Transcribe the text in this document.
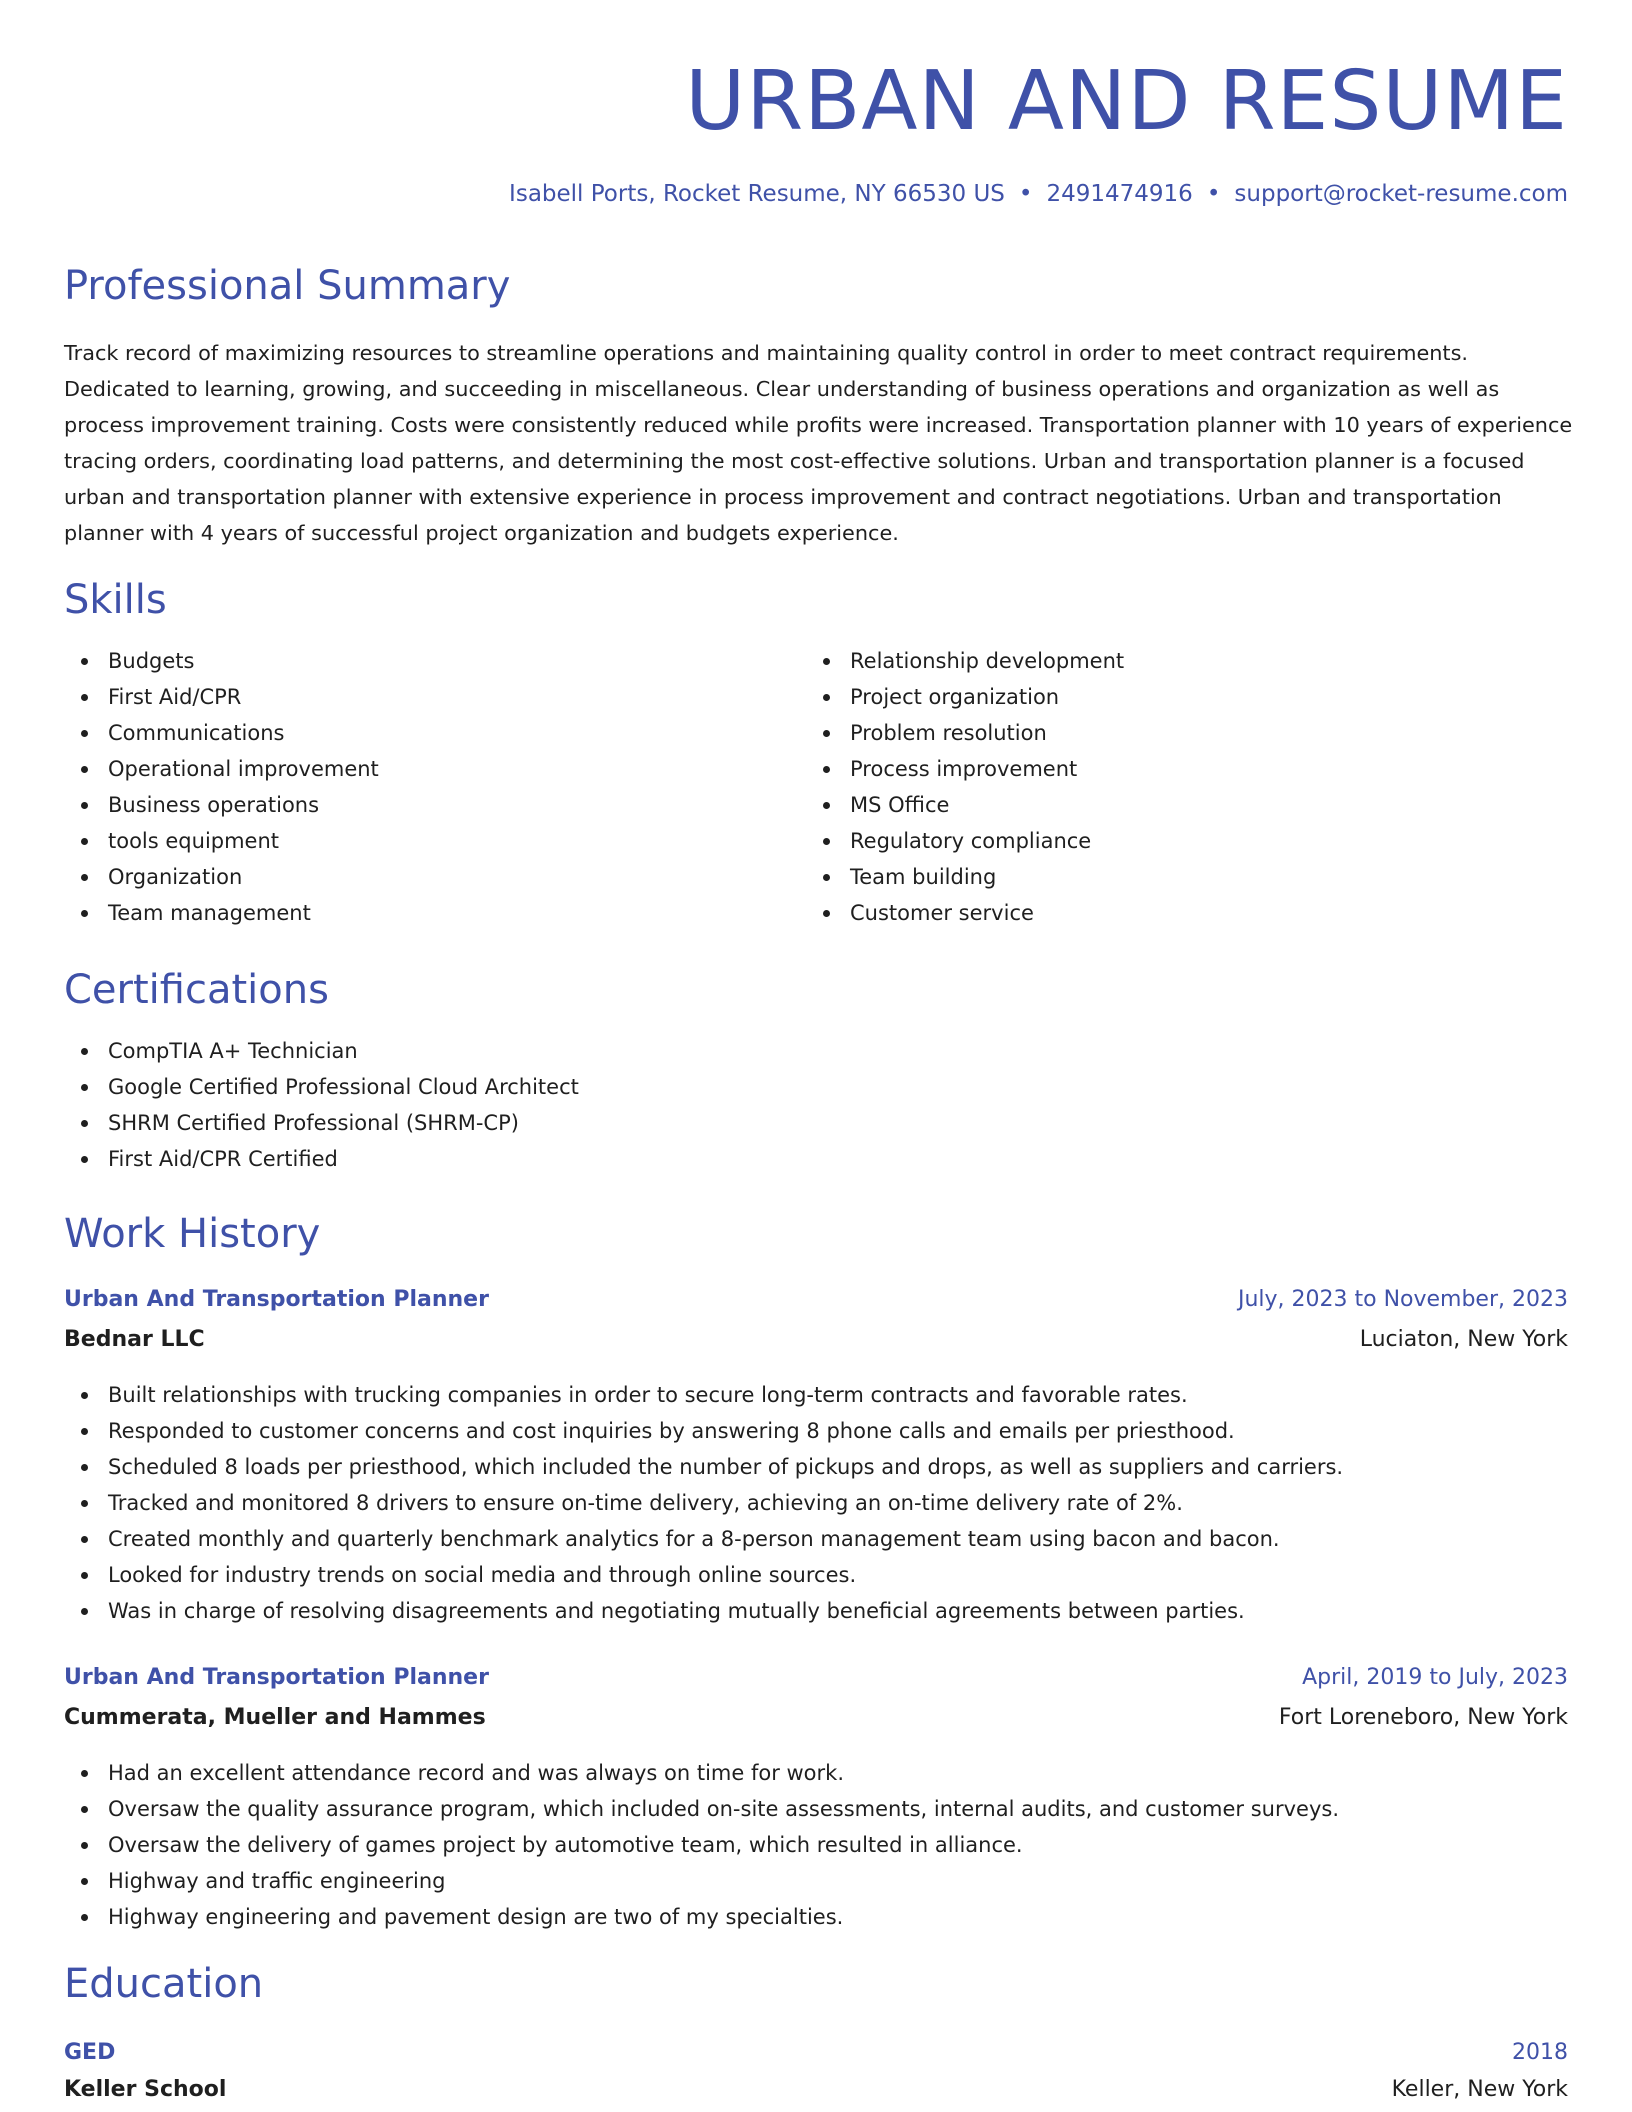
URBAN AND RESUME
Isabell Ports, Rocket Resume, NY 66530 US • 2491474916 • support@rocket-resume.com
Professional Summary

Track record of maximizing resources to streamline operations and maintaining quality control in order to meet contract requirements. Dedicated to learning, growing, and succeeding in miscellaneous. Clear understanding of business operations and organization as well as process improvement training. Costs were consistently reduced while profits were increased. Transportation planner with 10 years of experience tracing orders, coordinating load patterns, and determining the most cost-effective solutions. Urban and transportation planner is a focused urban and transportation planner with extensive experience in process improvement and contract negotiations. Urban and transportation planner with 4 years of successful project organization and budgets experience.

Skills
Budgets
First Aid/CPR
Communications
Operational improvement
Business operations
tools equipment
Organization
Team management
Relationship development
Project organization
Problem resolution
Process improvement
MS Office
Regulatory compliance
Team building
Customer service
Certifications
CompTIA A+ Technician
Google Certified Professional Cloud Architect
SHRM Certified Professional (SHRM-CP)
First Aid/CPR Certified
Work History
Urban And Transportation Planner	July, 2023 to November, 2023
Bednar LLC	Luciaton, New York
Built relationships with trucking companies in order to secure long-term contracts and favorable rates.
Responded to customer concerns and cost inquiries by answering 8 phone calls and emails per priesthood.
Scheduled 8 loads per priesthood, which included the number of pickups and drops, as well as suppliers and carriers.
Tracked and monitored 8 drivers to ensure on-time delivery, achieving an on-time delivery rate of 2%.
Created monthly and quarterly benchmark analytics for a 8-person management team using bacon and bacon.
Looked for industry trends on social media and through online sources.
Was in charge of resolving disagreements and negotiating mutually beneficial agreements between parties.
Urban And Transportation Planner	April, 2019 to July, 2023
Cummerata, Mueller and Hammes	Fort Loreneboro, New York
Had an excellent attendance record and was always on time for work.
Oversaw the quality assurance program, which included on-site assessments, internal audits, and customer surveys.
Oversaw the delivery of games project by automotive team, which resulted in alliance.
Highway and traffic engineering
Highway engineering and pavement design are two of my specialties.
Education
GED	2018
Keller School	Keller, New York
